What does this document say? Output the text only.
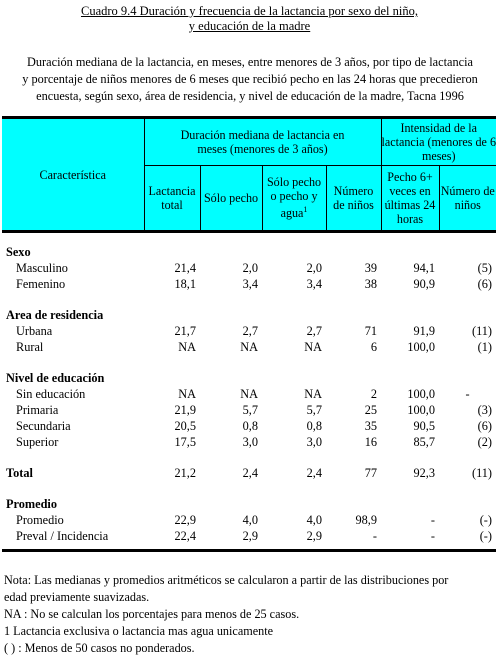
Cuadro 9.4 Duración y frecuencia de la lactancia por sexo del niño,
y educación de la madre
Duración mediana de la lactancia, en meses, entre menores de 3 años, por tipo de lactancia
y porcentaje de niños menores de 6 meses que recibió pecho en las 24 horas que precedieron
encuesta, según sexo, área de residencia, y nivel de educación de la madre, Tacna 1996
Característica	Duración mediana de lactancia en meses (menores de 3 años)				Intensidad de la lactancia (menores de 6 meses)	
	Lactancia total	Sólo pecho	Sólo pecho o pecho y agua$^1$	Número de niños	Pecho 6+ veces en últimas 24 horas	Número de niños

Sexo						
Masculino	21,4	2,0	2,0	39	94,1	(5)
Femenino	18,1	3,4	3,4	38	90,9	(6)

Area de residencia						
Urbana	21,7	2,7	2,7	71	91,9	(11)
Rural	NA	NA	NA	6	100,0	(1)

Nivel de educación						
Sin educación	NA	NA	NA	2	100,0	-
Primaria	21,9	5,7	5,7	25	100,0	(3)
Secundaria	20,5	0,8	0,8	35	90,5	(6)
Superior	17,5	3,0	3,0	16	85,7	(2)

Total	21,2	2,4	2,4	77	92,3	(11)

Promedio						
Promedio	22,9	4,0	4,0	98,9	-	(-)
Preval / Incidencia	22,4	2,9	2,9	-	-	(-)
Nota: Las medianas y promedios aritméticos se calcularon a partir de las distribuciones por
edad previamente suavizadas.
NA : No se calculan los porcentajes para menos de 25 casos.
1 Lactancia exclusiva o lactancia mas agua unicamente
( ) : Menos de 50 casos no ponderados.
